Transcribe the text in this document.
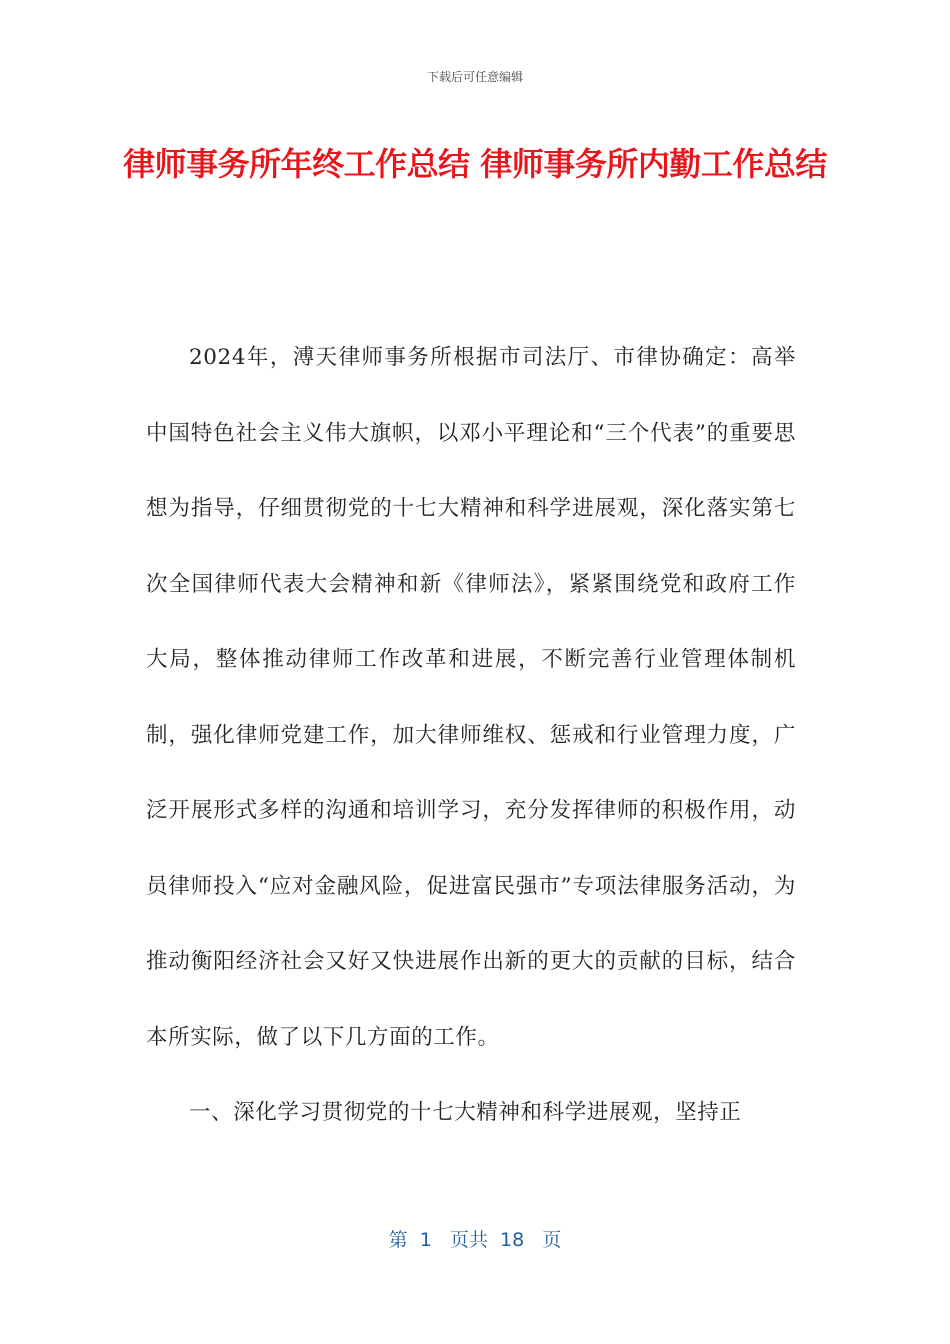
下载后可任意编辑
律师事务所年终工作总结 律师事务所内勤工作总结

2024年，溥天律师事务所根据市司法厅、市律协确定：高举中国特色社会主义伟大旗帜，以邓小平理论和“三个代表”的重要思想为指导，仔细贯彻党的十七大精神和科学进展观，深化落实第七次全国律师代表大会精神和新《律师法》，紧紧围绕党和政府工作大局，整体推动律师工作改革和进展，不断完善行业管理体制机制，强化律师党建工作，加大律师维权、惩戒和行业管理力度，广泛开展形式多样的沟通和培训学习，充分发挥律师的积极作用，动员律师投入“应对金融风险，促进富民强市”专项法律服务活动，为推动衡阳经济社会又好又快进展作出新的更大的贡献的目标，结合本所实际，做了以下几方面的工作。

一、深化学习贯彻党的十七大精神和科学进展观，坚持正

第  1   页共  18   页
